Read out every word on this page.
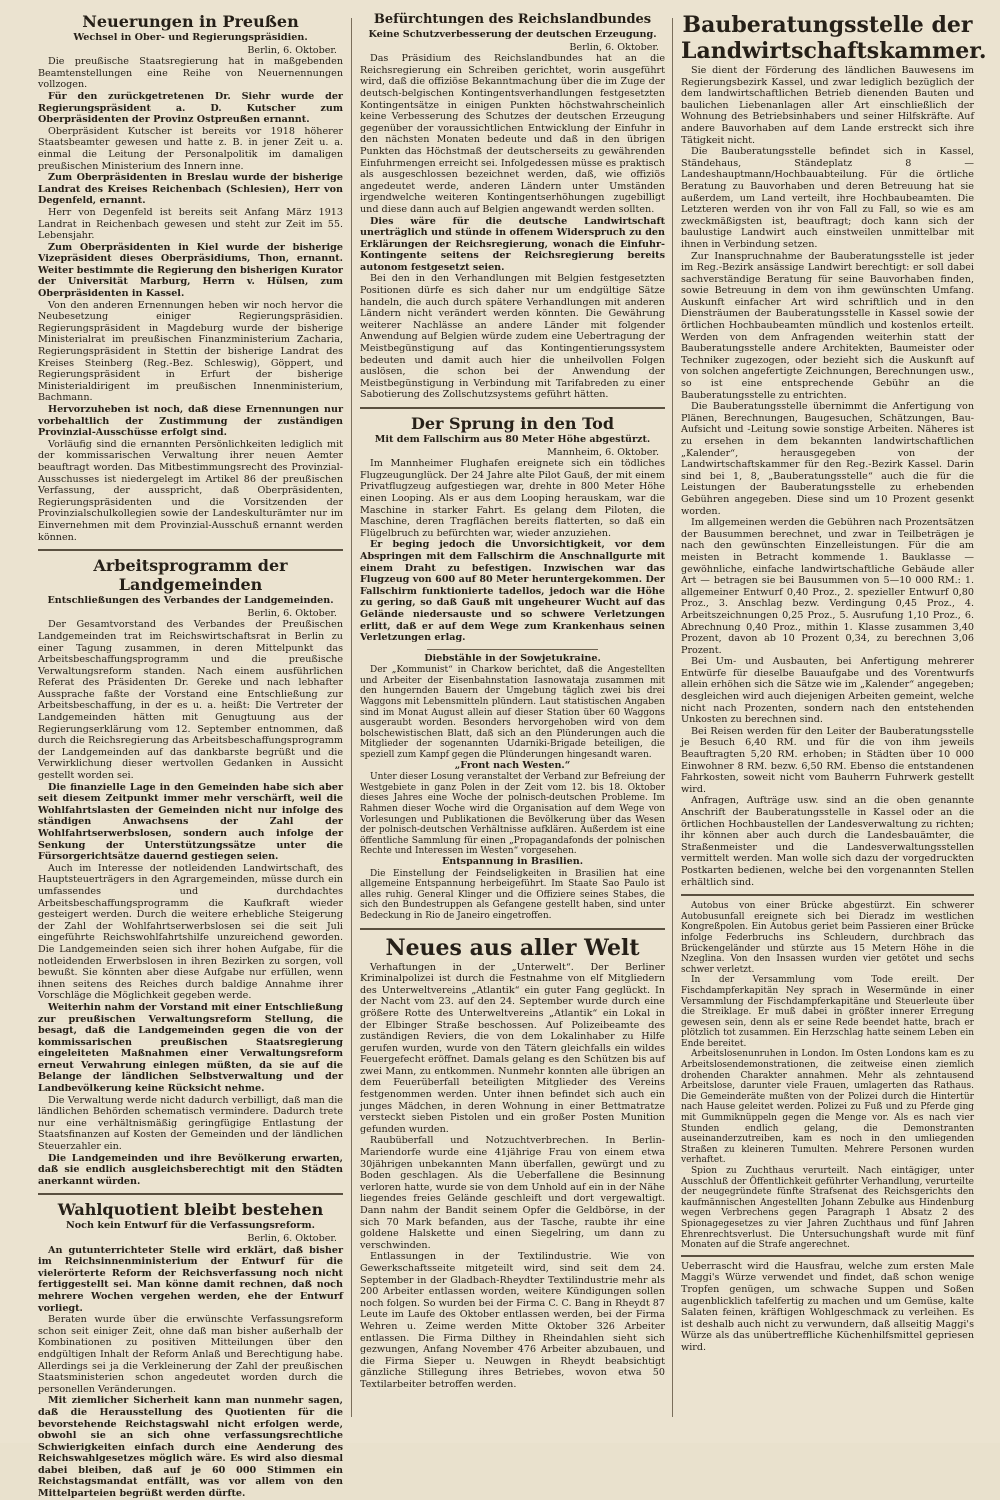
Neuerungen in Preußen
Wechsel in Ober- und Regierungspräsidien.
Berlin, 6. Oktober.

Die preußische Staatsregierung hat in maßgebenden Beamtenstellungen eine Reihe von Neuernennungen vollzogen.

Für den zurückgetretenen Dr. Siehr wurde der Regierungspräsident a. D. Kutscher zum Oberpräsidenten der Provinz Ostpreußen ernannt.

Oberpräsident Kutscher ist bereits vor 1918 höherer Staatsbeamter gewesen und hatte z. B. in jener Zeit u. a. einmal die Leitung der Personalpolitik im damaligen preußischen Ministerium des Innern inne.

Zum Oberpräsidenten in Breslau wurde der bisherige Landrat des Kreises Reichenbach (Schlesien), Herr von Degenfeld, ernannt.

Herr von Degenfeld ist bereits seit Anfang März 1913 Landrat in Reichenbach gewesen und steht zur Zeit im 55. Lebensjahr.

Zum Oberpräsidenten in Kiel wurde der bisherige Vizepräsident dieses Oberpräsidiums, Thon, ernannt. Weiter bestimmte die Regierung den bisherigen Kurator der Universität Marburg, Herrn v. Hülsen, zum Oberpräsidenten in Kassel.

Von den anderen Ernennungen heben wir noch hervor die Neubesetzung einiger Regierungspräsidien. Regierungspräsident in Magdeburg wurde der bisherige Ministerialrat im preußischen Finanzministerium Zacharia, Regierungspräsident in Stettin der bisherige Landrat des Kreises Steinberg (Reg.-Bez. Schleswig), Göppert, und Regierungspräsident in Erfurt der bisherige Ministerialdirigent im preußischen Innenministerium, Bachmann.

Hervorzuheben ist noch, daß diese Ernennungen nur vorbehaltlich der Zustimmung der zuständigen Provinzial-Ausschüsse erfolgt sind.

Vorläufig sind die ernannten Persönlichkeiten lediglich mit der kommissarischen Verwaltung ihrer neuen Aemter beauftragt worden. Das Mitbestimmungsrecht des Provinzial-Ausschusses ist niedergelegt im Artikel 86 der preußischen Verfassung, der ausspricht, daß Oberpräsidenten, Regierungspräsidenten und die Vorsitzenden der Provinzialschulkollegien sowie der Landeskulturämter nur im Einvernehmen mit dem Provinzial-Ausschuß ernannt werden können.

Arbeitsprogramm der Landgemeinden
Entschließungen des Verbandes der Landgemeinden.
Berlin, 6. Oktober.

Der Gesamtvorstand des Verbandes der Preußischen Landgemeinden trat im Reichswirtschaftsrat in Berlin zu einer Tagung zusammen, in deren Mittelpunkt das Arbeitsbeschaffungsprogramm und die preußische Verwaltungsreform standen. Nach einem ausführlichen Referat des Präsidenten Dr. Gereke und nach lebhafter Aussprache faßte der Vorstand eine Entschließung zur Arbeitsbeschaffung, in der es u. a. heißt: Die Vertreter der Landgemeinden hätten mit Genugtuung aus der Regierungserklärung vom 12. September entnommen, daß durch die Reichsregierung das Arbeitsbeschaffungsprogramm der Landgemeinden auf das dankbarste begrüßt und die Verwirklichung dieser wertvollen Gedanken in Aussicht gestellt worden sei.

Die finanzielle Lage in den Gemeinden habe sich aber seit diesem Zeitpunkt immer mehr verschärft, weil die Wohlfahrtslasten der Gemeinden nicht nur infolge des ständigen Anwachsens der Zahl der Wohlfahrtserwerbslosen, sondern auch infolge der Senkung der Unterstützungssätze unter die Fürsorgerichtsätze dauernd gestiegen seien.

Auch im Interesse der notleidenden Landwirtschaft, des Hauptsteuerträgers in den Agrargemeinden, müsse durch ein umfassendes und durchdachtes Arbeitsbeschaffungsprogramm die Kaufkraft wieder gesteigert werden. Durch die weitere erhebliche Steigerung der Zahl der Wohlfahrtserwerbslosen sei die seit Juli eingeführte Reichswohlfahrtshilfe unzureichend geworden. Die Landgemeinden seien sich ihrer hohen Aufgabe, für die notleidenden Erwerbslosen in ihren Bezirken zu sorgen, voll bewußt. Sie könnten aber diese Aufgabe nur erfüllen, wenn ihnen seitens des Reiches durch baldige Annahme ihrer Vorschläge die Möglichkeit gegeben werde.

Weiterhin nahm der Vorstand mit einer Entschließung zur preußischen Verwaltungsreform Stellung, die besagt, daß die Landgemeinden gegen die von der kommissarischen preußischen Staatsregierung eingeleiteten Maßnahmen einer Verwaltungsreform erneut Verwahrung einlegen müßten, da sie auf die Belange der ländlichen Selbstverwaltung und der Landbevölkerung keine Rücksicht nehme.

Die Verwaltung werde nicht dadurch verbilligt, daß man die ländlichen Behörden schematisch vermindere. Dadurch trete nur eine verhältnismäßig geringfügige Entlastung der Staatsfinanzen auf Kosten der Gemeinden und der ländlichen Steuerzahler ein.

Die Landgemeinden und ihre Bevölkerung erwarten, daß sie endlich ausgleichsberechtigt mit den Städten anerkannt würden.

Wahlquotient bleibt bestehen
Noch kein Entwurf für die Verfassungsreform.
Berlin, 6. Oktober.

An gutunterrichteter Stelle wird erklärt, daß bisher im Reichsinnenministerium der Entwurf für die vielerörterte Reform der Reichsverfassung noch nicht fertiggestellt sei. Man könne damit rechnen, daß noch mehrere Wochen vergehen werden, ehe der Entwurf vorliegt.

Beraten wurde über die erwünschte Verfassungsreform schon seit einiger Zeit, ohne daß man bisher außerhalb der Kombinationen zu positiven Mitteilungen über den endgültigen Inhalt der Reform Anlaß und Berechtigung habe. Allerdings sei ja die Verkleinerung der Zahl der preußischen Staatsministerien schon angedeutet worden durch die personellen Veränderungen.

Mit ziemlicher Sicherheit kann man nunmehr sagen, daß die Herausstellung des Quotienten für die bevorstehende Reichstagswahl nicht erfolgen werde, obwohl sie an sich ohne verfassungsrechtliche Schwierigkeiten einfach durch eine Aenderung des Reichswahlgesetzes möglich wäre. Es wird also diesmal dabei bleiben, daß auf je 60 000 Stimmen ein Reichstagsmandat entfällt, was vor allem von den Mittelparteien begrüßt werden dürfte.

Befürchtungen des Reichslandbundes
Keine Schutzverbesserung der deutschen Erzeugung.
Berlin, 6. Oktober.

Das Präsidium des Reichslandbundes hat an die Reichsregierung ein Schreiben gerichtet, worin ausgeführt wird, daß die offiziöse Bekanntmachung über die im Zuge der deutsch-belgischen Kontingentsverhandlungen festgesetzten Kontingentsätze in einigen Punkten höchstwahrscheinlich keine Verbesserung des Schutzes der deutschen Erzeugung gegenüber der voraussichtlichen Entwicklung der Einfuhr in den nächsten Monaten bedeute und daß in den übrigen Punkten das Höchstmaß der deutscherseits zu gewährenden Einfuhrmengen erreicht sei. Infolgedessen müsse es praktisch als ausgeschlossen bezeichnet werden, daß, wie offiziös angedeutet werde, anderen Ländern unter Umständen irgendwelche weiteren Kontingentserhöhungen zugebilligt und diese dann auch auf Belgien angewandt werden sollten.

Dies wäre für die deutsche Landwirtschaft unerträglich und stünde in offenem Widerspruch zu den Erklärungen der Reichsregierung, wonach die Einfuhr-Kontingente seitens der Reichsregierung bereits autonom festgesetzt seien.

Bei den in den Verhandlungen mit Belgien festgesetzten Positionen dürfe es sich daher nur um endgültige Sätze handeln, die auch durch spätere Verhandlungen mit anderen Ländern nicht verändert werden könnten. Die Gewährung weiterer Nachlässe an andere Länder mit folgender Anwendung auf Belgien würde zudem eine Uebertragung der Meistbegünstigung auf das Kontingentierungssystem bedeuten und damit auch hier die unheilvollen Folgen auslösen, die schon bei der Anwendung der Meistbegünstigung in Verbindung mit Tarifabreden zu einer Sabotierung des Zollschutzsystems geführt hätten.

Der Sprung in den Tod
Mit dem Fallschirm aus 80 Meter Höhe abgestürzt.
Mannheim, 6. Oktober.

Im Mannheimer Flughafen ereignete sich ein tödliches Flugzeugunglück. Der 24 Jahre alte Pilot Gauß, der mit einem Privatflugzeug aufgestiegen war, drehte in 800 Meter Höhe einen Looping. Als er aus dem Looping herauskam, war die Maschine in starker Fahrt. Es gelang dem Piloten, die Maschine, deren Tragflächen bereits flatterten, so daß ein Flügelbruch zu befürchten war, wieder anzuziehen.

Er beging jedoch die Unvorsichtigkeit, vor dem Abspringen mit dem Fallschirm die Anschnallgurte mit einem Draht zu befestigen. Inzwischen war das Flugzeug von 600 auf 80 Meter heruntergekommen. Der Fallschirm funktionierte tadellos, jedoch war die Höhe zu gering, so daß Gauß mit ungeheurer Wucht auf das Gelände niedersauste und so schwere Verletzungen erlitt, daß er auf dem Wege zum Krankenhaus seinen Verletzungen erlag.

Diebstähle in der Sowjetukraine.

Der „Kommunist“ in Charkow berichtet, daß die Angestellten und Arbeiter der Eisenbahnstation Iasnowataja zusammen mit den hungernden Bauern der Umgebung täglich zwei bis drei Waggons mit Lebensmitteln plündern. Laut statistischen Angaben sind im Monat August allein auf dieser Station über 60 Waggons ausgeraubt worden. Besonders hervorgehoben wird von dem bolschewistischen Blatt, daß sich an den Plünderungen auch die Mitglieder der sogenannten Udarniki-Brigade beteiligen, die speziell zum Kampf gegen die Plünderungen hingesandt waren.

„Front nach Westen.“

Unter dieser Losung veranstaltet der Verband zur Befreiung der Westgebiete in ganz Polen in der Zeit vom 12. bis 18. Oktober dieses Jahres eine Woche der polnisch-deutschen Probleme. Im Rahmen dieser Woche wird die Organisation auf dem Wege von Vorlesungen und Publikationen die Bevölkerung über das Wesen der polnisch-deutschen Verhältnisse aufklären. Außerdem ist eine öffentliche Sammlung für einen „Propagandafonds der polnischen Rechte und Interessen im Westen“ vorgesehen.

Entspannung in Brasilien.

Die Einstellung der Feindseligkeiten in Brasilien hat eine allgemeine Entspannung herbeigeführt. Im Staate Sao Paulo ist alles ruhig. General Klinger und die Offiziere seines Stabes, die sich den Bundestruppen als Gefangene gestellt haben, sind unter Bedeckung in Rio de Janeiro eingetroffen.

Neues aus aller Welt

Verhaftungen in der „Unterwelt“. Der Berliner Kriminalpolizei ist durch die Festnahme von elf Mitgliedern des Unterweltvereins „Atlantik“ ein guter Fang geglückt. In der Nacht vom 23. auf den 24. September wurde durch eine größere Rotte des Unterweltvereins „Atlantik“ ein Lokal in der Elbinger Straße beschossen. Auf Polizeibeamte des zuständigen Reviers, die von dem Lokalinhaber zu Hilfe gerufen wurden, wurde von den Tätern gleichfalls ein wildes Feuergefecht eröffnet. Damals gelang es den Schützen bis auf zwei Mann, zu entkommen. Nunmehr konnten alle übrigen an dem Feuerüberfall beteiligten Mitglieder des Vereins festgenommen werden. Unter ihnen befindet sich auch ein junges Mädchen, in deren Wohnung in einer Bettmatratze versteckt sieben Pistolen und ein großer Posten Munition gefunden wurden.

Raubüberfall und Notzuchtverbrechen. In Berlin-Mariendorfe wurde eine 41jährige Frau von einem etwa 30jährigen unbekannten Mann überfallen, gewürgt und zu Boden geschlagen. Als die Ueberfallene die Besinnung verloren hatte, wurde sie von dem Unhold auf ein in der Nähe liegendes freies Gelände geschleift und dort vergewaltigt. Dann nahm der Bandit seinem Opfer die Geldbörse, in der sich 70 Mark befanden, aus der Tasche, raubte ihr eine goldene Halskette und einen Siegelring, um dann zu verschwinden.

Entlassungen in der Textilindustrie. Wie von Gewerkschaftsseite mitgeteilt wird, sind seit dem 24. September in der Gladbach-Rheydter Textilindustrie mehr als 200 Arbeiter entlassen worden, weitere Kündigungen sollen noch folgen. So wurden bei der Firma C. C. Bang in Rheydt 87 Leute im Laufe des Oktober entlassen werden, bei der Firma Wehren u. Zeime werden Mitte Oktober 326 Arbeiter entlassen. Die Firma Dilthey in Rheindahlen sieht sich gezwungen, Anfang November 476 Arbeiter abzubauen, und die Firma Sieper u. Neuwgen in Rheydt beabsichtigt gänzliche Stillegung ihres Betriebes, wovon etwa 50 Textilarbeiter betroffen werden.

Bauberatungsstelle der Landwirtschaftskammer.

Sie dient der Förderung des ländlichen Bauwesens im Regierungsbezirk Kassel, und zwar lediglich bezüglich der dem landwirtschaftlichen Betrieb dienenden Bauten und baulichen Liebenanlagen aller Art einschließlich der Wohnung des Betriebsinhabers und seiner Hilfskräfte. Auf andere Bauvorhaben auf dem Lande erstreckt sich ihre Tätigkeit nicht.

Die Bauberatungsstelle befindet sich in Kassel, Ständehaus, Ständeplatz 8 — Landeshauptmann/Hochbauabteilung. Für die örtliche Beratung zu Bauvorhaben und deren Betreuung hat sie außerdem, um Land verteilt, ihre Hochbaubeamten. Die Letzteren werden von ihr von Fall zu Fall, so wie es am zweckmäßigsten ist, beauftragt; doch kann sich der baulustige Landwirt auch einstweilen unmittelbar mit ihnen in Verbindung setzen.

Zur Inanspruchnahme der Bauberatungsstelle ist jeder im Reg.-Bezirk ansässige Landwirt berechtigt: er soll dabei sachverständige Beratung für seine Bauvorhaben finden, sowie Betreuung in dem von ihm gewünschten Umfang. Auskunft einfacher Art wird schriftlich und in den Diensträumen der Bauberatungsstelle in Kassel sowie der örtlichen Hochbaubeamten mündlich und kostenlos erteilt. Werden von dem Anfragenden weiterhin statt der Bauberatungsstelle andere Architekten, Baumeister oder Techniker zugezogen, oder bezieht sich die Auskunft auf von solchen angefertigte Zeichnungen, Berechnungen usw., so ist eine entsprechende Gebühr an die Bauberatungsstelle zu entrichten.

Die Bauberatungsstelle übernimmt die Anfertigung von Plänen, Berechnungen, Baugesuchen, Schätzungen, Bau-Aufsicht und -Leitung sowie sonstige Arbeiten. Näheres ist zu ersehen in dem bekannten landwirtschaftlichen „Kalender“, herausgegeben von der Landwirtschaftskammer für den Reg.-Bezirk Kassel. Darin sind bei 1, 8, „Bauberatungsstelle“ auch die für die Leistungen der Bauberatungsstelle zu erhebenden Gebühren angegeben. Diese sind um 10 Prozent gesenkt worden.

Im allgemeinen werden die Gebühren nach Prozentsätzen der Bausummen berechnet, und zwar in Teilbeträgen je nach den gewünschten Einzelleistungen. Für die am meisten in Betracht kommende 1. Bauklasse — gewöhnliche, einfache landwirtschaftliche Gebäude aller Art — betragen sie bei Bausummen von 5—10 000 RM.: 1. allgemeiner Entwurf 0,40 Proz., 2. spezieller Entwurf 0,80 Proz., 3. Anschlag bezw. Verdingung 0,45 Proz., 4. Arbeitszeichnungen 0,25 Proz., 5. Ausrufung 1,10 Proz., 6. Abrechnung 0,40 Proz., mithin 1. Klasse zusammen 3,40 Prozent, davon ab 10 Prozent 0,34, zu berechnen 3,06 Prozent.

Bei Um- und Ausbauten, bei Anfertigung mehrerer Entwürfe für dieselbe Bauaufgabe und des Vorentwurfs allein erhöhen sich die Sätze wie im „Kalender“ angegeben; desgleichen wird auch diejenigen Arbeiten gemeint, welche nicht nach Prozenten, sondern nach den entstehenden Unkosten zu berechnen sind.

Bei Reisen werden für den Leiter der Bauberatungsstelle je Besuch 6,40 RM. und für die von ihm jeweils Beauftragten 5,20 RM. erhoben; in Städten über 10 000 Einwohner 8 RM. bezw. 6,50 RM. Ebenso die entstandenen Fahrkosten, soweit nicht vom Bauherrn Fuhrwerk gestellt wird.

Anfragen, Aufträge usw. sind an die oben genannte Anschrift der Bauberatungsstelle in Kassel oder an die örtlichen Hochbaustellen der Landesverwaltung zu richten; ihr können aber auch durch die Landesbauämter, die Straßenmeister und die Landesverwaltungsstellen vermittelt werden. Man wolle sich dazu der vorgedruckten Postkarten bedienen, welche bei den vorgenannten Stellen erhältlich sind.

Autobus von einer Brücke abgestürzt. Ein schwerer Autobusunfall ereignete sich bei Dieradz im westlichen Kongreßpolen. Ein Autobus geriet beim Passieren einer Brücke infolge Federbruchs ins Schleudern, durchbrach das Brückengeländer und stürzte aus 15 Metern Höhe in die Nzeglina. Von den Insassen wurden vier getötet und sechs schwer verletzt.

In der Versammlung vom Tode ereilt. Der Fischdampferkapitän Ney sprach in Wesermünde in einer Versammlung der Fischdampferkapitäne und Steuerleute über die Streiklage. Er muß dabei in größter innerer Erregung gewesen sein, denn als er seine Rede beendet hatte, brach er plötzlich tot zusammen. Ein Herzschlag hatte seinem Leben ein Ende bereitet.

Arbeitslosenunruhen in London. Im Osten Londons kam es zu Arbeitslosendemonstrationen, die zeitweise einen ziemlich drohenden Charakter annahmen. Mehr als zehntausend Arbeitslose, darunter viele Frauen, umlagerten das Rathaus. Die Gemeinderäte mußten von der Polizei durch die Hintertür nach Hause geleitet werden. Polizei zu Fuß und zu Pferde ging mit Gummiknüppeln gegen die Menge vor. Als es nach vier Stunden endlich gelang, die Demonstranten auseinanderzutreiben, kam es noch in den umliegenden Straßen zu kleineren Tumulten. Mehrere Personen wurden verhaftet.

Spion zu Zuchthaus verurteilt. Nach eintägiger, unter Ausschluß der Öffentlichkeit geführter Verhandlung, verurteilte der neugegründete fünfte Strafsenat des Reichsgerichts den kaufmännischen Angestellten Johann Zebulke aus Hindenburg wegen Verbrechens gegen Paragraph 1 Absatz 2 des Spionagegesetzes zu vier Jahren Zuchthaus und fünf Jahren Ehrenrechtsverlust. Die Untersuchungshaft wurde mit fünf Monaten auf die Strafe angerechnet.

Ueberrascht wird die Hausfrau, welche zum ersten Male Maggi's Würze verwendet und findet, daß schon wenige Tropfen genügen, um schwache Suppen und Soßen augenblicklich tafelfertig zu machen und um Gemüse, kalte Salaten feinen, kräftigen Wohlgeschmack zu verleihen. Es ist deshalb auch nicht zu verwundern, daß allseitig Maggi's Würze als das unübertreffliche Küchenhilfsmittel gepriesen wird.
